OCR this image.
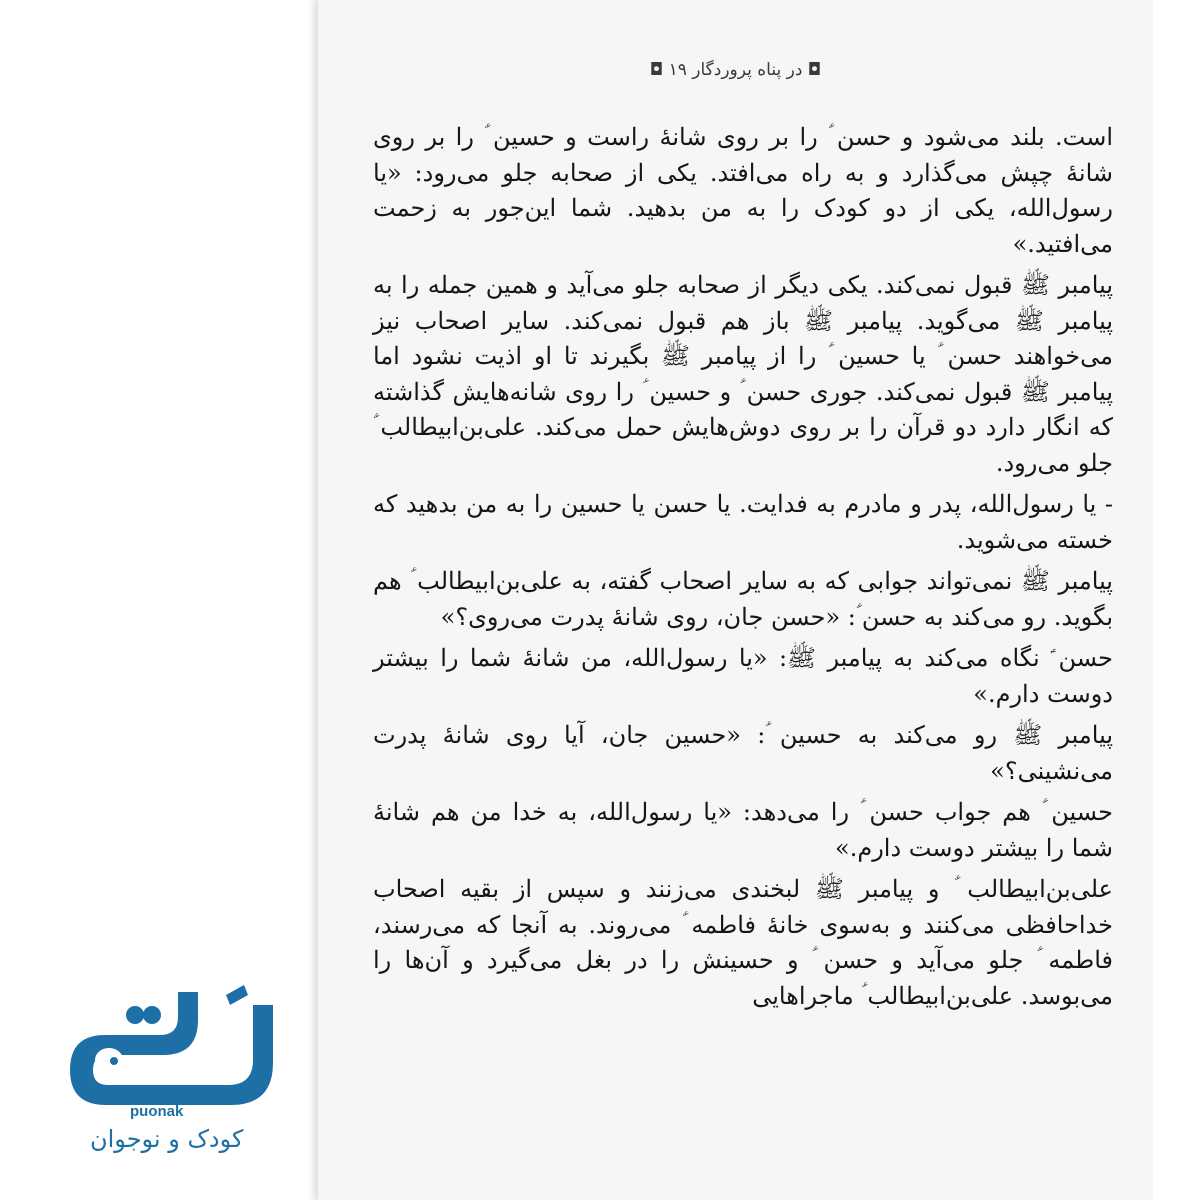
◘ در پناه پروردگار ۱۹ ◘

است. بلند می‌شود و حسن ؑ را بر روی شانهٔ راست و حسین ؑ را بر روی شانهٔ چپش می‌گذارد و به راه می‌افتد. یکی از صحابه جلو می‌رود: «یا رسول‌الله، یکی از دو کودک را به من بدهید. شما این‌جور به زحمت می‌افتید.»

پیامبر ﷺ قبول نمی‌کند. یکی دیگر از صحابه جلو می‌آید و همین جمله را به پیامبر ﷺ می‌گوید. پیامبر ﷺ باز هم قبول نمی‌کند. سایر اصحاب نیز می‌خواهند حسن ؑ یا حسین ؑ را از پیامبر ﷺ بگیرند تا او اذیت نشود اما پیامبر ﷺ قبول نمی‌کند. جوری حسن ؑ و حسین ؑ را روی شانه‌هایش گذاشته که انگار دارد دو قرآن را بر روی دوش‌هایش حمل می‌کند. علی‌بن‌ابیطالب ؑ جلو می‌رود.

- یا رسول‌الله، پدر و مادرم به فدایت. یا حسن یا حسین را به من بدهید که خسته می‌شوید.

پیامبر ﷺ نمی‌تواند جوابی که به سایر اصحاب گفته، به علی‌بن‌ابیطالب ؑ هم بگوید. رو می‌کند به حسن ؑ: «حسن جان، روی شانهٔ پدرت می‌روی؟»

حسن ؑ نگاه می‌کند به پیامبر ﷺ: «یا رسول‌الله، من شانهٔ شما را بیشتر دوست دارم.»

پیامبر ﷺ رو می‌کند به حسین ؑ: «حسین جان، آیا روی شانهٔ پدرت می‌نشینی؟»

حسین ؑ هم جواب حسن ؑ را می‌دهد: «یا رسول‌الله، به خدا من هم شانهٔ شما را بیشتر دوست دارم.»

علی‌بن‌ابیطالب ؑ و پیامبر ﷺ لبخندی می‌زنند و سپس از بقیه اصحاب خداحافظی می‌کنند و به‌سوی خانهٔ فاطمه ؑ می‌روند. به آنجا که می‌رسند، فاطمه ؑ جلو می‌آید و حسن ؑ و حسینش را در بغل می‌گیرد و آن‌ها را می‌بوسد. علی‌بن‌ابیطالب ؑ ماجراهایی

puonak
کودک و نوجوان
